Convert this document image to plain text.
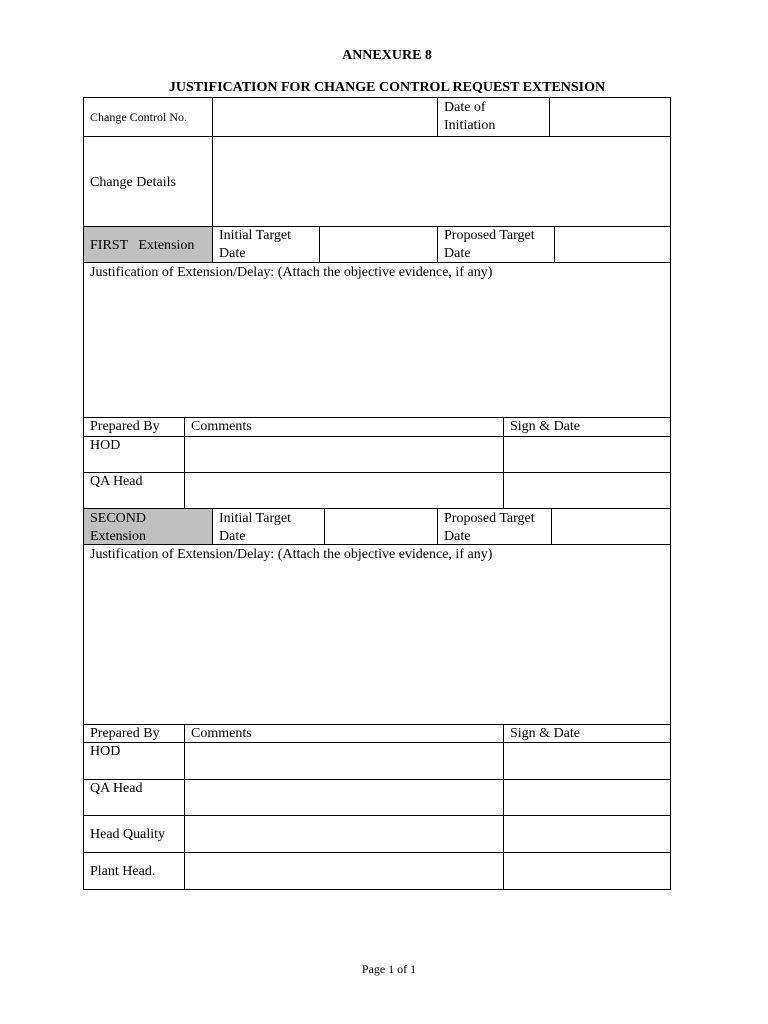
ANNEXURE 8
JUSTIFICATION FOR CHANGE CONTROL REQUEST EXTENSION
Change Control No.
Date of
Initiation
Change Details
FIRST   Extension
Initial Target
Date
Proposed Target
Date
Justification of Extension/Delay: (Attach the objective evidence, if any)
Prepared By Comments	Sign & Date
HOD
QA Head
SECOND
Extension
Initial Target
Date
Proposed Target
Date
Justification of Extension/Delay: (Attach the objective evidence, if any)
Prepared By Comments	Sign & Date
HOD
QA Head
Head Quality
Plant Head.
Page 1 of 1
